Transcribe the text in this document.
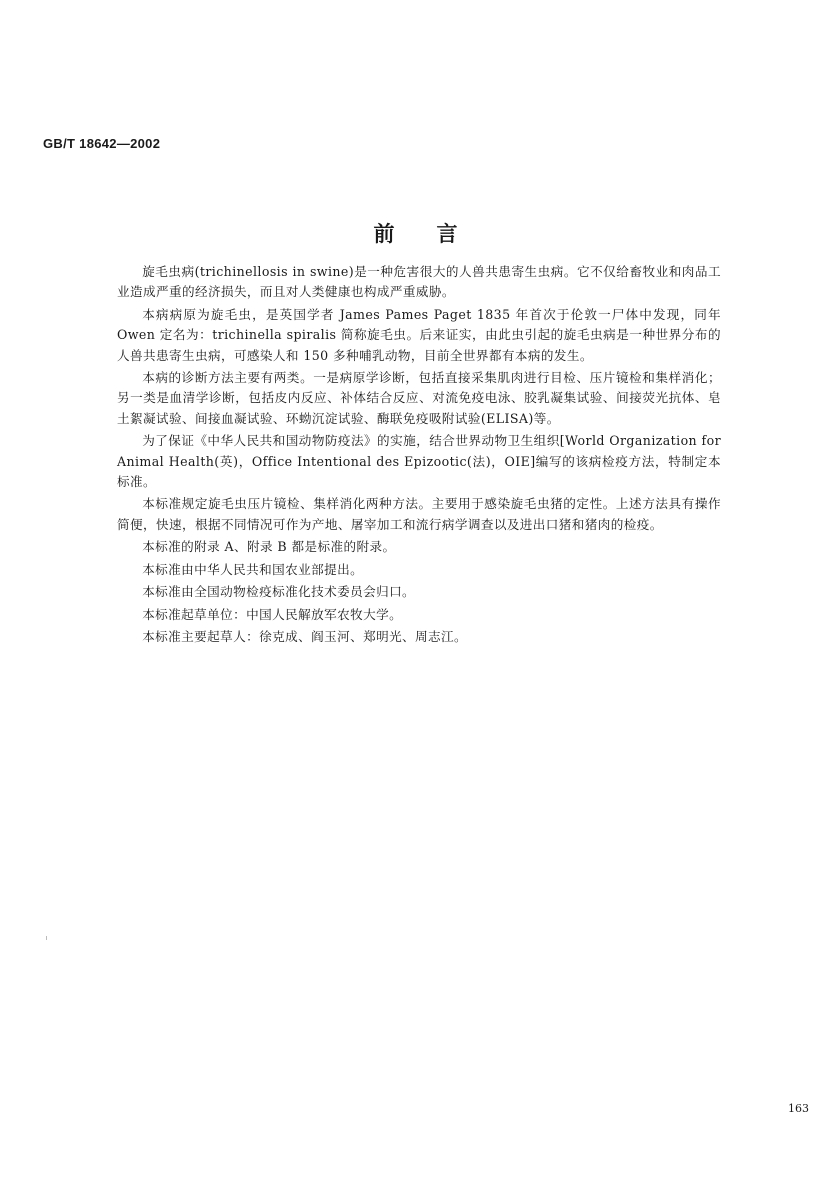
GB/T 18642—2002
前言

旋毛虫病(trichinellosis in swine)是一种危害很大的人兽共患寄生虫病。它不仅给畜牧业和肉品工业造成严重的经济损失，而且对人类健康也构成严重威胁。

本病病原为旋毛虫，是英国学者 James Pames Paget 1835 年首次于伦敦一尸体中发现，同年 Owen 定名为：trichinella spiralis 简称旋毛虫。后来证实，由此虫引起的旋毛虫病是一种世界分布的人兽共患寄生虫病，可感染人和 150 多种哺乳动物，目前全世界都有本病的发生。

本病的诊断方法主要有两类。一是病原学诊断，包括直接采集肌肉进行目检、压片镜检和集样消化；另一类是血清学诊断，包括皮内反应、补体结合反应、对流免疫电泳、胶乳凝集试验、间接荧光抗体、皂土絮凝试验、间接血凝试验、环蚴沉淀试验、酶联免疫吸附试验(ELISA)等。

为了保证《中华人民共和国动物防疫法》的实施，结合世界动物卫生组织[World Organization for Animal Health(英)，Office Intentional des Epizootic(法)，OIE]编写的该病检疫方法，特制定本标准。

本标准规定旋毛虫压片镜检、集样消化两种方法。主要用于感染旋毛虫猪的定性。上述方法具有操作简便，快速，根据不同情况可作为产地、屠宰加工和流行病学调查以及进出口猪和猪肉的检疫。

本标准的附录 A、附录 B 都是标准的附录。

本标准由中华人民共和国农业部提出。

本标准由全国动物检疫标准化技术委员会归口。

本标准起草单位：中国人民解放军农牧大学。

本标准主要起草人：徐克成、阎玉河、郑明光、周志江。

163
